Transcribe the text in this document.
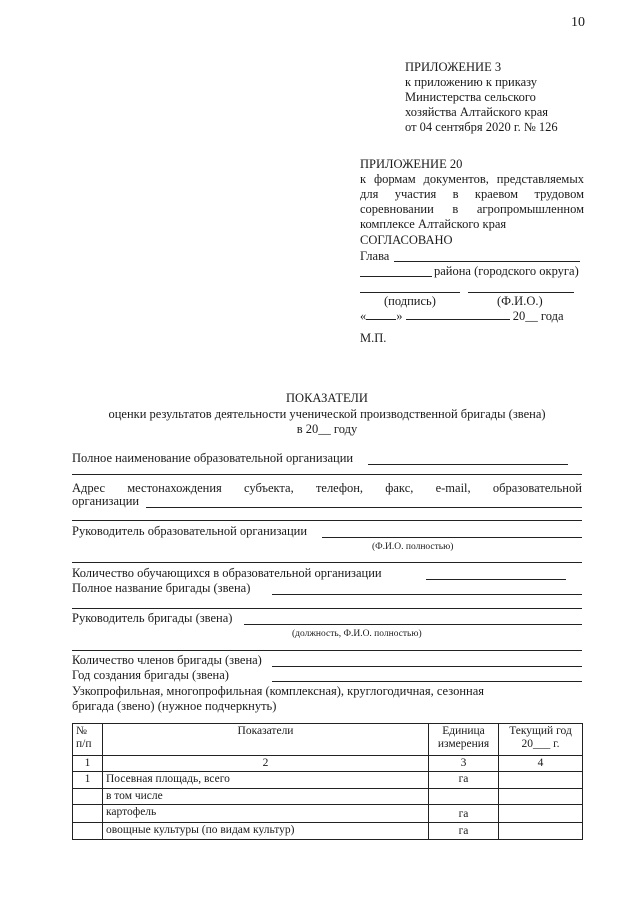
10
ПРИЛОЖЕНИЕ 3
к приложению к приказу
Министерства сельского
хозяйства Алтайского края
от 04 сентября 2020 г. № 126
ПРИЛОЖЕНИЕ 20
к формам документов, представляемых
для участия в краевом трудовом
соревновании в агропромышленном
комплексе Алтайского края
СОГЛАСОВАНО
Глава
района (городского округа)
(подпись)	(Ф.И.О.)
« »	20__ года
М.П.
ПОКАЗАТЕЛИ
оценки результатов деятельности ученической производственной бригады (звена)
в 20__ году
Полное наименование образовательной организации
Адрес местонахождения субъекта, телефон, факс, e-mail, образовательной
организации
Руководитель образовательной организации
(Ф.И.О. полностью)
Количество обучающихся в образовательной организации
Полное название бригады (звена)
Руководитель бригады (звена)
(должность, Ф.И.О. полностью)
Количество членов бригады (звена)
Год создания бригады (звена)
Узкопрофильная, многопрофильная (комплексная), круглогодичная, сезонная
бригада (звено) (нужное подчеркнуть)
№ п/п	Показатели	Единица измерения	Текущий год 20___ г.
1	2	3	4
1	Посевная площадь, всего	га	
	в том числе		
	картофель	га	
	овощные культуры (по видам культур)	га	
